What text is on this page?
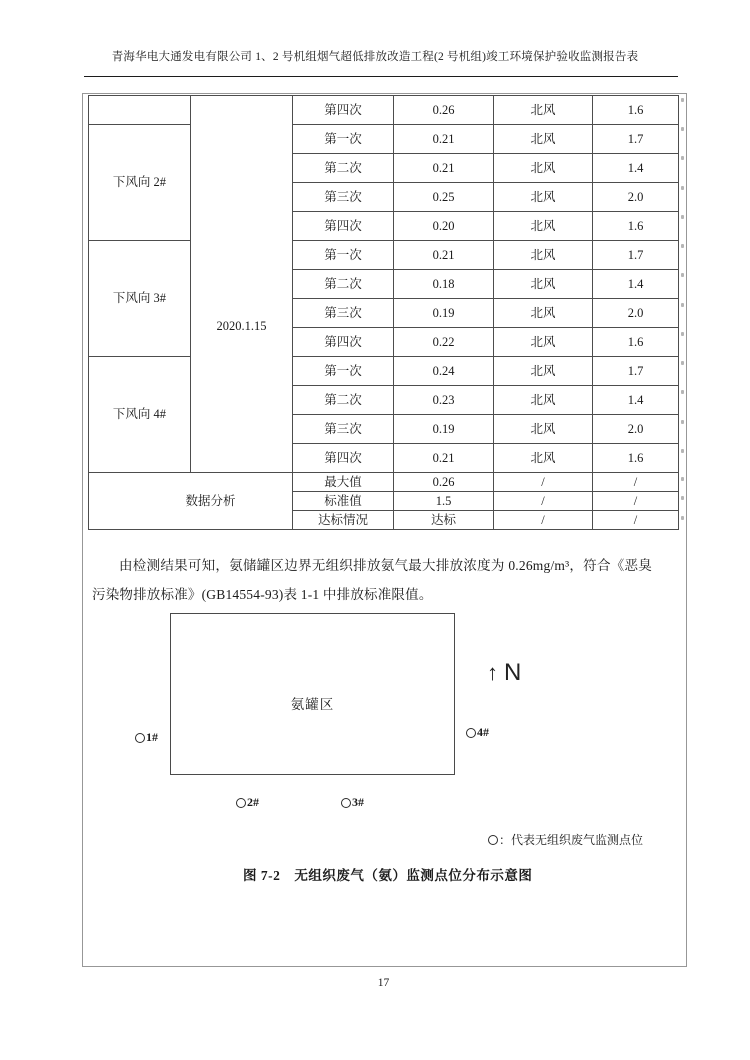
青海华电大通发电有限公司 1、2 号机组烟气超低排放改造工程(2 号机组)竣工环境保护验收监测报告表
	2020.1.15	第四次	0.26	北风	1.6
下风向 2#		第一次	0.21	北风	1.7
		第二次	0.21	北风	1.4
		第三次	0.25	北风	2.0
		第四次	0.20	北风	1.6
下风向 3#		第一次	0.21	北风	1.7
		第二次	0.18	北风	1.4
		第三次	0.19	北风	2.0
		第四次	0.22	北风	1.6
下风向 4#		第一次	0.24	北风	1.7
		第二次	0.23	北风	1.4
		第三次	0.19	北风	2.0
		第四次	0.21	北风	1.6
数据分析		最大值	0.26	/	/
		标准值	1.5	/	/
		达标情况	达标	/	/

由检测结果可知，氨储罐区边界无组织排放氨气最大排放浓度为 0.26mg/m³，符合《恶臭污染物排放标准》(GB14554-93)表 1-1 中排放标准限值。

氨罐区
↑ N
1#
2#	3#
4#
：代表无组织废气监测点位
图 7-2　无组织废气（氨）监测点位分布示意图
17
